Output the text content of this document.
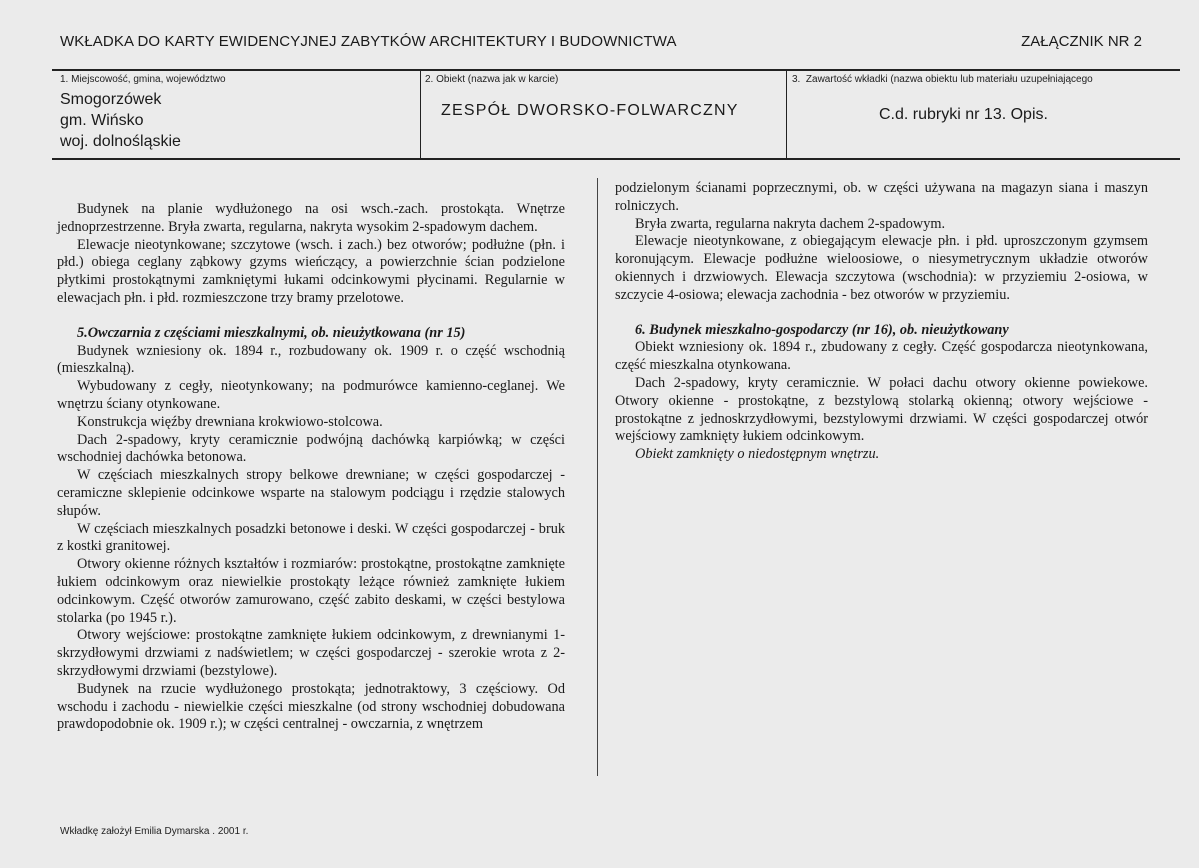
WKŁADKA DO KARTY EWIDENCYJNEJ ZABYTKÓW ARCHITEKTURY I BUDOWNICTWA	ZAŁĄCZNIK NR 2
1. Miejscowość, gmina, województwo
Smogorzówek
gm. Wińsko
woj. dolnośląskie
2. Obiekt (nazwa jak w karcie)
ZESPÓŁ DWORSKO-FOLWARCZNY
3. Zawartość wkładki (nazwa obiektu lub materiału uzupełniającego
C.d. rubryki nr 13. Opis.

Budynek na planie wydłużonego na osi wsch.-zach. prostokąta. Wnętrze jednoprzestrzenne. Bryła zwarta, regularna, nakryta wysokim 2-spadowym dachem.

Elewacje nieotynkowane; szczytowe (wsch. i zach.) bez otworów; podłużne (płn. i płd.) obiega ceglany ząbkowy gzyms wieńczący, a powierzchnie ścian podzielone płytkimi prostokątnymi zamkniętymi łukami odcinkowymi płycinami. Regularnie w elewacjach płn. i płd. rozmieszczone trzy bramy przelotowe.

5.Owczarnia z częściami mieszkalnymi, ob. nieużytkowana (nr 15)

Budynek wzniesiony ok. 1894 r., rozbudowany ok. 1909 r. o część wschodnią (mieszkalną).

Wybudowany z cegły, nieotynkowany; na podmurówce kamienno-ceglanej. We wnętrzu ściany otynkowane.

Konstrukcja więźby drewniana krokwiowo-stolcowa.

Dach 2-spadowy, kryty ceramicznie podwójną dachówką karpiówką; w części wschodniej dachówka betonowa.

W częściach mieszkalnych stropy belkowe drewniane; w części gospodarczej - ceramiczne sklepienie odcinkowe wsparte na stalowym podciągu i rzędzie stalowych słupów.

W częściach mieszkalnych posadzki betonowe i deski. W części gospodarczej - bruk z kostki granitowej.

Otwory okienne różnych kształtów i rozmiarów: prostokątne, prostokątne zamknięte łukiem odcinkowym oraz niewielkie prostokąty leżące również zamknięte łukiem odcinkowym. Część otworów zamurowano, część zabito deskami, w części bestylowa stolarka (po 1945 r.).

Otwory wejściowe: prostokątne zamknięte łukiem odcinkowym, z drewnianymi 1-skrzydłowymi drzwiami z nadświetlem; w części gospodarczej - szerokie wrota z 2-skrzydłowymi drzwiami (bezstylowe).

Budynek na rzucie wydłużonego prostokąta; jednotraktowy, 3 częściowy. Od wschodu i zachodu - niewielkie części mieszkalne (od strony wschodniej dobudowana prawdopodobnie ok. 1909 r.); w części centralnej - owczarnia, z wnętrzem

podzielonym ścianami poprzecznymi, ob. w części używana na magazyn siana i maszyn rolniczych.

Bryła zwarta, regularna nakryta dachem 2-spadowym.

Elewacje nieotynkowane, z obiegającym elewacje płn. i płd. uproszczonym gzymsem koronującym. Elewacje podłużne wieloosiowe, o niesymetrycznym układzie otworów okiennych i drzwiowych. Elewacja szczytowa (wschodnia): w przyziemiu 2-osiowa, w szczycie 4-osiowa; elewacja zachodnia - bez otworów w przyziemiu.

6. Budynek mieszkalno-gospodarczy (nr 16), ob. nieużytkowany

Obiekt wzniesiony ok. 1894 r., zbudowany z cegły. Część gospodarcza nieotynkowana, część mieszkalna otynkowana.

Dach 2-spadowy, kryty ceramicznie. W połaci dachu otwory okienne powiekowe. Otwory okienne - prostokątne, z bezstylową stolarką okienną; otwory wejściowe - prostokątne z jednoskrzydłowymi, bezstylowymi drzwiami. W części gospodarczej otwór wejściowy zamknięty łukiem odcinkowym.

Obiekt zamknięty o niedostępnym wnętrzu.

Wkładkę założył Emilia Dymarska . 2001 r.
